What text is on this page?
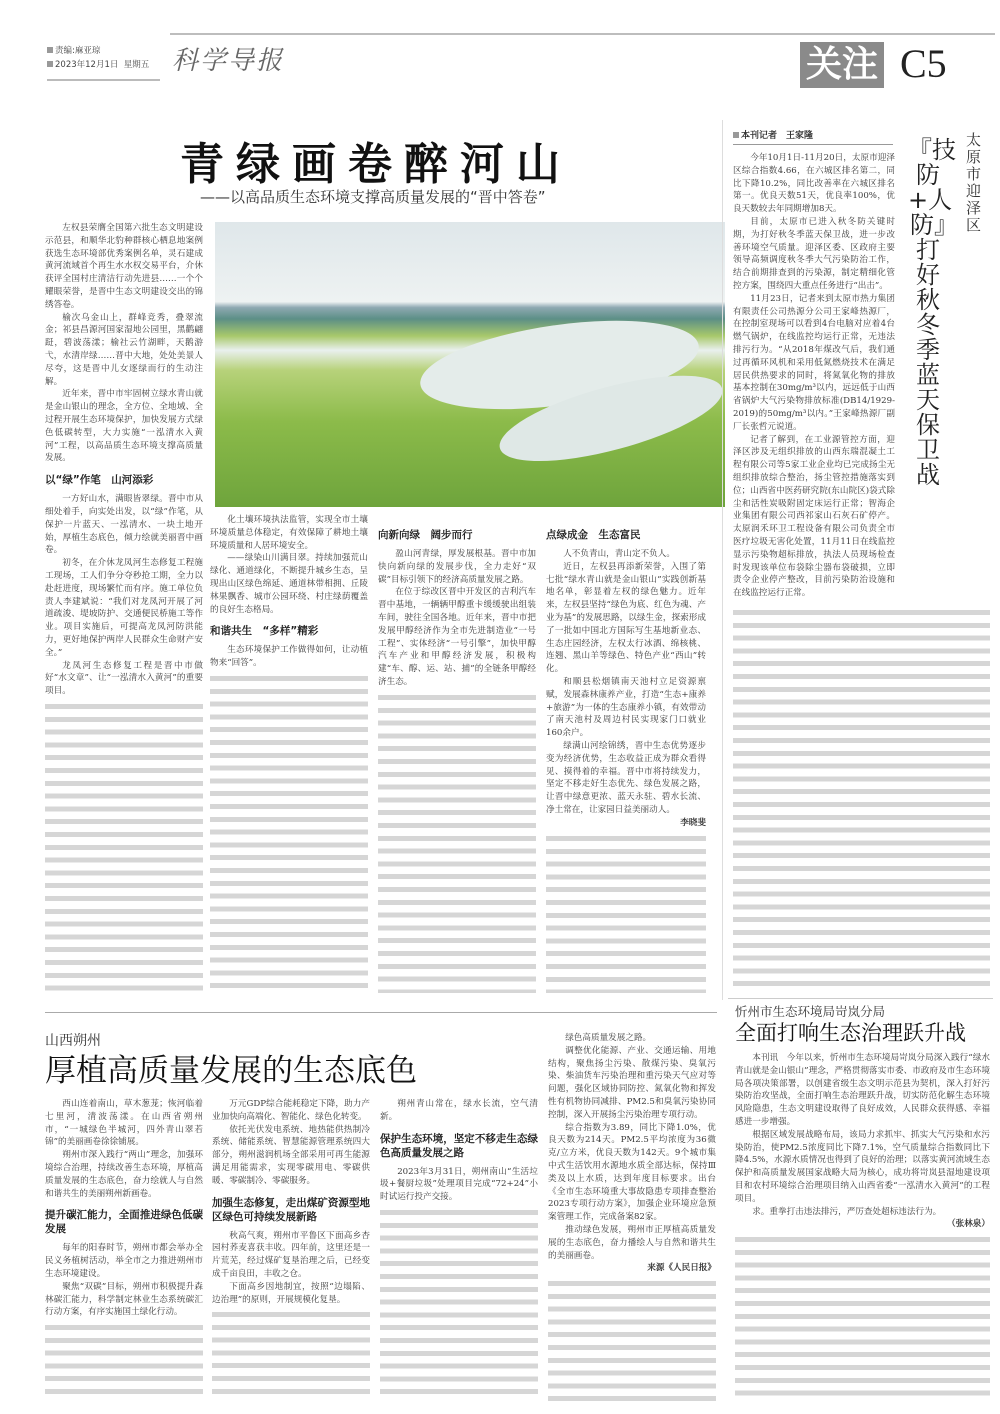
责编:麻亚琼
2023年12月1日 星期五 科学导报	关注 C5
青绿画卷醉河山
——以高品质生态环境支撑高质量发展的“晋中答卷”

左权县荣膺全国第六批生态文明建设示范县，和顺华北豹种群核心栖息地案例获选生态环境部优秀案例名单，灵石建成黄河流域首个再生水水权交易平台，介休获评全国村庄清洁行动先进县……一个个耀眼荣誉，是晋中生态文明建设交出的锦绣答卷。

榆次乌金山上，群峰竞秀，叠翠流金；祁县昌源河国家湿地公园里，黑鹳翩跹，碧波荡漾；榆社云竹湖畔，天鹅游弋，水清岸绿……晋中大地，处处美景人尽夸，这是晋中儿女逐绿而行的生动注解。

近年来，晋中市牢固树立绿水青山就是金山银山的理念，全方位、全地域、全过程开展生态环境保护，加快发展方式绿色低碳转型，大力实施“一泓清水入黄河”工程，以高品质生态环境支撑高质量发展。

以“绿”作笔　山河添彩

一方好山水，满眼皆翠绿。晋中市从细处着手，向实处出发，以“绿”作笔，从保护一片蓝天、一泓清水、一块土地开始，厚植生态底色，倾力绘就美丽晋中画卷。

初冬，在介休龙凤河生态修复工程施工现场，工人们争分夺秒抢工期，全力以赴赶进度，现场繁忙而有序。施工单位负责人李建斌说：“我们对龙凤河开展了河道疏浚、堤坡防护、交通便民桥施工等作业。项目实施后，可提高龙凤河防洪能力，更好地保护两岸人民群众生命财产安全。”

龙凤河生态修复工程是晋中市做好“水文章”、让“一泓清水入黄河”的重要项目。

化土壤环境执法监管，实现全市土壤环境质量总体稳定，有效保障了耕地土壤环境质量和人居环境安全。

——绿染山川满目翠。持续加强荒山绿化、通道绿化，不断提升城乡生态，呈现出山区绿色绵延、通道林带相拥、丘陵林果飘香、城市公园环绕、村庄绿荫覆盖的良好生态格局。

和谐共生　“多样”精彩

生态环境保护工作做得如何，让动植物来“回答”。

向新向绿　阔步而行

盈山河青绿，厚发展根基。晋中市加快向新向绿的发展步伐，全力走好“双碳”目标引领下的经济高质量发展之路。

在位于综改区晋中开发区的吉利汽车晋中基地，一辆辆甲醇重卡缓缓驶出组装车间，驶往全国各地。近年来，晋中市把发展甲醇经济作为全市先进制造业“一号工程”、实体经济“一号引擎”，加快甲醇汽车产业和甲醇经济发展，积极构建“车、醇、运、站、捕”的全链条甲醇经济生态。

点绿成金　生态富民

人不负青山，青山定不负人。

近日，左权县再添新荣誉，入围了第七批“绿水青山就是金山银山”实践创新基地名单，彰显着左权的绿色魅力。近年来，左权县坚持“绿色为底、红色为魂、产业为基”的发展思路，以绿生金，探索形成了一批如中国北方国际写生基地新业态、生态庄园经济，左权太行冰酒、绵核桃、连翘、黑山羊等绿色、特色产业“西山”转化。

和顺县松烟镇南天池村立足资源禀赋，发展森林康养产业，打造“生态+康养+旅游”为一体的生态康养小镇，有效带动了南天池村及周边村民实现家门口就业160余户。

绿满山河绘锦绣，晋中生态优势逐步变为经济优势，生态收益正成为群众看得见、摸得着的幸福。晋中市将持续发力，坚定不移走好生态优先、绿色发展之路，让晋中绿意更浓、蓝天永驻、碧水长流、净土常在，让家园日益美丽动人。

李晓斐

本刊记者　王家隆	太原市迎泽区
『技防+人防』打好秋冬季蓝天保卫战

今年10月1日-11月20日，太原市迎泽区综合指数4.66，在六城区排名第二，同比下降10.2%，同比改善率在六城区排名第一。优良天数51天，优良率100%，优良天数较去年同期增加8天。

目前，太原市已进入秋冬防关键时期，为打好秋冬季蓝天保卫战，进一步改善环境空气质量。迎泽区委、区政府主要领导高频调度秋冬季大气污染防治工作，结合前期排查到的污染源，制定精细化管控方案，围绕四大重点任务进行“出击”。

11月23日，记者来到太原市热力集团有限责任公司热源分公司王家峰热源厂，在控制室现场可以看到4台电脑对应着4台燃气锅炉，在线监控均运行正常，无违法排污行为。“从2018年煤改气后，我们通过再循环风机和采用低氮燃烧技术在满足居民供热要求的同时，将氮氧化物的排放基本控制在30mg/m³以内，远远低于山西省锅炉大气污染物排放标准(DB14/1929-2019)的50mg/m³以内。”王家峰热源厂副厂长张哲元说道。

记者了解到，在工业源管控方面，迎泽区涉及无组织排放的山西东瑞混凝土工程有限公司等5家工业企业均已完成扬尘无组织排放综合整治，扬尘管控措施落实到位；山西省中医药研究院(东山院区)袋式除尘和活性炭吸附固定床运行正常；智海企业集团有限公司西祁家山石灰石矿停产。太原润禾环卫工程设备有限公司负责全市医疗垃圾无害化处置，11月11日在线监控显示污染物超标排放，执法人员现场检查时发现该单位布袋除尘器布袋破损，立即责令企业停产整改，目前污染防治设施和在线监控运行正常。

忻州市生态环境局岢岚分局
全面打响生态治理跃升战

本刊讯　今年以来，忻州市生态环境局岢岚分局深入践行“绿水青山就是金山银山”理念，严格贯彻落实市委、市政府及市生态环境局各项决策部署，以创建省级生态文明示范县为契机，深入打好污染防治攻坚战，全面打响生态治理跃升战，切实防范化解生态环境风险隐患，生态文明建设取得了良好成效，人民群众获得感、幸福感进一步增强。

根据区域发展战略布局，该局力求抓牢、抓实大气污染和水污染防治，使PM2.5浓度同比下降7.1%，空气质量综合指数同比下降4.5%，水源水质情况也得到了良好的治理；以落实黄河流域生态保护和高质量发展国家战略大局为核心，成功将岢岚县湿地建设项目和农村环境综合治理项目纳入山西省委“一泓清水入黄河”的工程项目。

求。重拳打击违法排污，严厉查处超标违法行为。

（张林泉）

山西朔州
厚植高质量发展的生态底色

西山连着南山，草木葱茏；恢河临着七里河，清波荡漾。在山西省朔州市，“一城绿色半城河，四外青山翠若锦”的美丽画卷徐徐铺展。

朔州市深入践行“两山”理念，加强环境综合治理，持续改善生态环境，厚植高质量发展的生态底色，奋力绘就人与自然和谐共生的美丽朔州新画卷。

提升碳汇能力，全面推进绿色低碳发展

每年的阳春时节，朔州市都会举办全民义务植树活动，举全市之力推进朔州市生态环境建设。

聚焦“双碳”目标，朔州市积极提升森林碳汇能力，科学制定林业生态系统碳汇行动方案，有序实施国土绿化行动。

万元GDP综合能耗稳定下降，助力产业加快向高端化、智能化、绿色化转变。

依托光伏发电系统、地热能供热制冷系统、储能系统、智慧能源管理系统四大部分，朔州滋润机场全部采用可再生能源满足用能需求，实现零碳用电、零碳供暖、零碳制冷、零碳服务。

加强生态修复，走出煤矿资源型地区绿色可持续发展新路

秋高气爽，朔州市平鲁区下面高乡杏园村荞麦喜获丰收。四年前，这里还是一片荒芜，经过煤矿复垦治理之后，已经变成千亩良田，丰收之仓。

下面高乡因地制宜，按照“边塌陷、边治理”的原则，开展规模化复垦。

朔州青山常在，绿水长流，空气清新。

保护生态环境，坚定不移走生态绿色高质量发展之路

2023年3月31日，朔州南山“生活垃圾+餐厨垃圾”处理项目完成“72+24”小时试运行投产交接。

绿色高质量发展之路。

调整优化能源、产业、交通运输、用地结构，聚焦扬尘污染、散煤污染、臭氧污染、柴油货车污染治理和重污染天气应对等问题，强化区域协同防控、氮氧化物和挥发性有机物协同减排、PM2.5和臭氧污染协同控制，深入开展扬尘污染治理专项行动。

综合指数为3.89，同比下降1.0%，优良天数为214天。PM2.5平均浓度为36微克/立方米，优良天数为142天。9个城市集中式生活饮用水源地水质全部达标，保持Ⅲ类及以上水质，达到年度目标要求。出台《全市生态环境重大事故隐患专项排查整治2023专项行动方案》，加强企业环境应急预案管理工作，完成备案82家。

推动绿色发展，朔州市正厚植高质量发展的生态底色，奋力播绘人与自然和谐共生的美丽画卷。

来源《人民日报》
